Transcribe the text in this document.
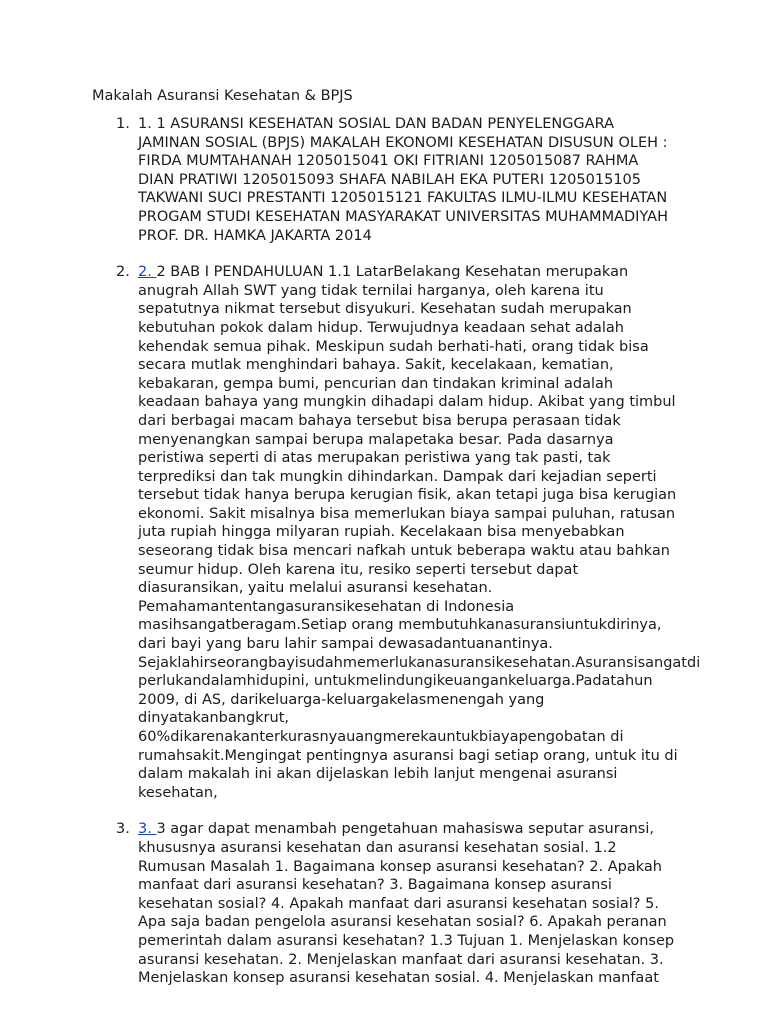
Makalah Asuransi Kesehatan & BPJS
1. 1. 1 ASURANSI KESEHATAN SOSIAL DAN BADAN PENYELENGGARA JAMINAN SOSIAL (BPJS) MAKALAH EKONOMI KESEHATAN DISUSUN OLEH : FIRDA MUMTAHANAH 1205015041 OKI FITRIANI 1205015087 RAHMA DIAN PRATIWI 1205015093 SHAFA NABILAH EKA PUTERI 1205015105 TAKWANI SUCI PRESTANTI 1205015121 FAKULTAS ILMU-ILMU KESEHATAN PROGAM STUDI KESEHATAN MASYARAKAT UNIVERSITAS MUHAMMADIYAH PROF. DR. HAMKA JAKARTA 2014
2. 2. 2 BAB I PENDAHULUAN 1.1 LatarBelakang Kesehatan merupakan anugrah Allah SWT yang tidak ternilai harganya, oleh karena itu sepatutnya nikmat tersebut disyukuri. Kesehatan sudah merupakan kebutuhan pokok dalam hidup. Terwujudnya keadaan sehat adalah kehendak semua pihak. Meskipun sudah berhati-hati, orang tidak bisa secara mutlak menghindari bahaya. Sakit, kecelakaan, kematian, kebakaran, gempa bumi, pencurian dan tindakan kriminal adalah keadaan bahaya yang mungkin dihadapi dalam hidup. Akibat yang timbul dari berbagai macam bahaya tersebut bisa berupa perasaan tidak menyenangkan sampai berupa malapetaka besar. Pada dasarnya peristiwa seperti di atas merupakan peristiwa yang tak pasti, tak terprediksi dan tak mungkin dihindarkan. Dampak dari kejadian seperti tersebut tidak hanya berupa kerugian fisik, akan tetapi juga bisa kerugian ekonomi. Sakit misalnya bisa memerlukan biaya sampai puluhan, ratusan juta rupiah hingga milyaran rupiah. Kecelakaan bisa menyebabkan seseorang tidak bisa mencari nafkah untuk beberapa waktu atau bahkan seumur hidup. Oleh karena itu, resiko seperti tersebut dapat diasuransikan, yaitu melalui asuransi kesehatan. Pemahamantentangasuransikesehatan di Indonesia masihsangatberagam.Setiap orang membutuhkanasuransiuntukdirinya, dari bayi yang baru lahir sampai dewasadantuanantinya. Sejaklahirseorangbayisudahmemerlukanasuransikesehatan.Asuransisangatdi perlukandalamhidupini, untukmelindungikeuangankeluarga.Padatahun 2009, di AS, darikeluarga-keluargakelasmenengah yang dinyatakanbangkrut, 60%dikarenakanterkurasnyauangmerekauntukbiayapengobatan di rumahsakit.Mengingat pentingnya asuransi bagi setiap orang, untuk itu di dalam makalah ini akan dijelaskan lebih lanjut mengenai asuransi kesehatan,
3. 3. 3 agar dapat menambah pengetahuan mahasiswa seputar asuransi, khususnya asuransi kesehatan dan asuransi kesehatan sosial. 1.2 Rumusan Masalah 1. Bagaimana konsep asuransi kesehatan? 2. Apakah manfaat dari asuransi kesehatan? 3. Bagaimana konsep asuransi kesehatan sosial? 4. Apakah manfaat dari asuransi kesehatan sosial? 5. Apa saja badan pengelola asuransi kesehatan sosial? 6. Apakah peranan pemerintah dalam asuransi kesehatan? 1.3 Tujuan 1. Menjelaskan konsep asuransi kesehatan. 2. Menjelaskan manfaat dari asuransi kesehatan. 3. Menjelaskan konsep asuransi kesehatan sosial. 4. Menjelaskan manfaat
